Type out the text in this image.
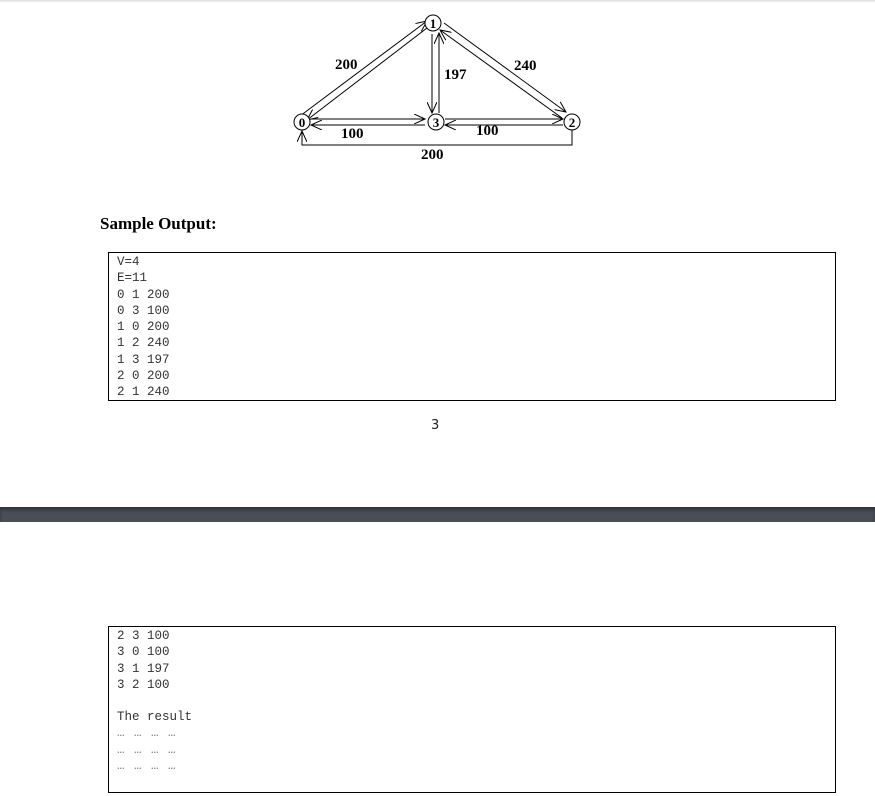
1
0	3	2
200
197
240
100	100
200
Sample Output:
V=4
E=11
0 1 200
0 3 100
1 0 200
1 2 240
1 3 197
2 0 200
2 1 240
3
2 3 100
3 0 100
3 1 197
3 2 100
The result
… … … …
… … … …
… … … …
